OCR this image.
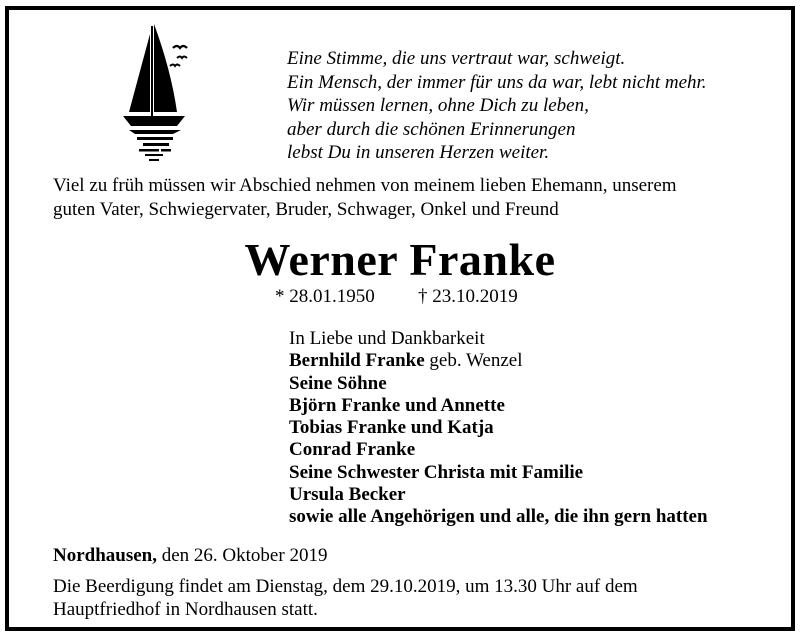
Eine Stimme, die uns vertraut war, schweigt.
Ein Mensch, der immer für uns da war, lebt nicht mehr.
Wir müssen lernen, ohne Dich zu leben,
aber durch die schönen Erinnerungen
lebst Du in unseren Herzen weiter.
Viel zu früh müssen wir Abschied nehmen von meinem lieben Ehemann, unserem
guten Vater, Schwiegervater, Bruder, Schwager, Onkel und Freund
Werner Franke
* 28.01.1950 † 23.10.2019
In Liebe und Dankbarkeit
Bernhild Franke geb. Wenzel
Seine Söhne
Björn Franke und Annette
Tobias Franke und Katja
Conrad Franke
Seine Schwester Christa mit Familie
Ursula Becker
sowie alle Angehörigen und alle, die ihn gern hatten
Nordhausen, den 26. Oktober 2019
Die Beerdigung findet am Dienstag, dem 29.10.2019, um 13.30 Uhr auf dem
Hauptfriedhof in Nordhausen statt.
